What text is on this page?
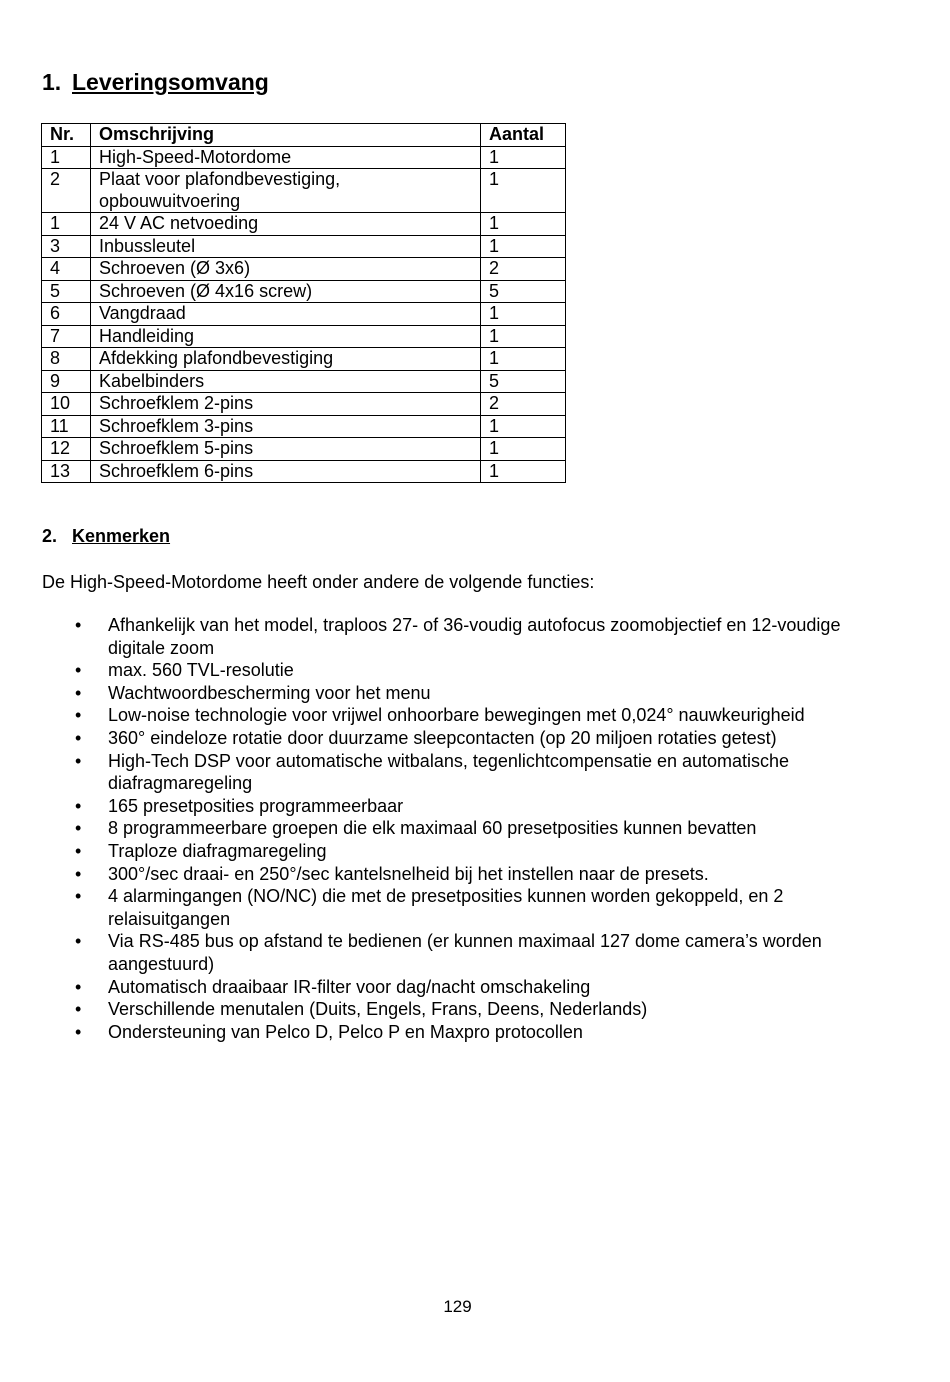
1. Leveringsomvang
Nr.	Omschrijving	Aantal
1	High-Speed-Motordome	1
2	Plaat voor plafondbevestiging, opbouwuitvoering	1
1	24 V AC netvoeding	1
3	Inbussleutel	1
4	Schroeven (Ø 3x6)	2
5	Schroeven (Ø 4x16 screw)	5
6	Vangdraad	1
7	Handleiding	1
8	Afdekking plafondbevestiging	1
9	Kabelbinders	5
10	Schroefklem 2-pins	2
11	Schroefklem 3-pins	1
12	Schroefklem 5-pins	1
13	Schroefklem 6-pins	1
2. Kenmerken

De High-Speed-Motordome heeft onder andere de volgende functies:

• Afhankelijk van het model, traploos 27- of 36-voudig autofocus zoomobjectief en 12-voudige digitale zoom
• max. 560 TVL-resolutie
• Wachtwoordbescherming voor het menu
• Low-noise technologie voor vrijwel onhoorbare bewegingen met 0,024° nauwkeurigheid
• 360° eindeloze rotatie door duurzame sleepcontacten (op 20 miljoen rotaties getest)
• High-Tech DSP voor automatische witbalans, tegenlichtcompensatie en automatische diafragmaregeling
• 165 presetposities programmeerbaar
• 8 programmeerbare groepen die elk maximaal 60 presetposities kunnen bevatten
• Traploze diafragmaregeling
• 300°/sec draai- en 250°/sec kantelsnelheid bij het instellen naar de presets.
• 4 alarmingangen (NO/NC) die met de presetposities kunnen worden gekoppeld, en 2 relaisuitgangen
• Via RS-485 bus op afstand te bedienen (er kunnen maximaal 127 dome camera’s worden aangestuurd)
• Automatisch draaibaar IR-filter voor dag/nacht omschakeling
• Verschillende menutalen (Duits, Engels, Frans, Deens, Nederlands)
• Ondersteuning van Pelco D, Pelco P en Maxpro protocollen
129
